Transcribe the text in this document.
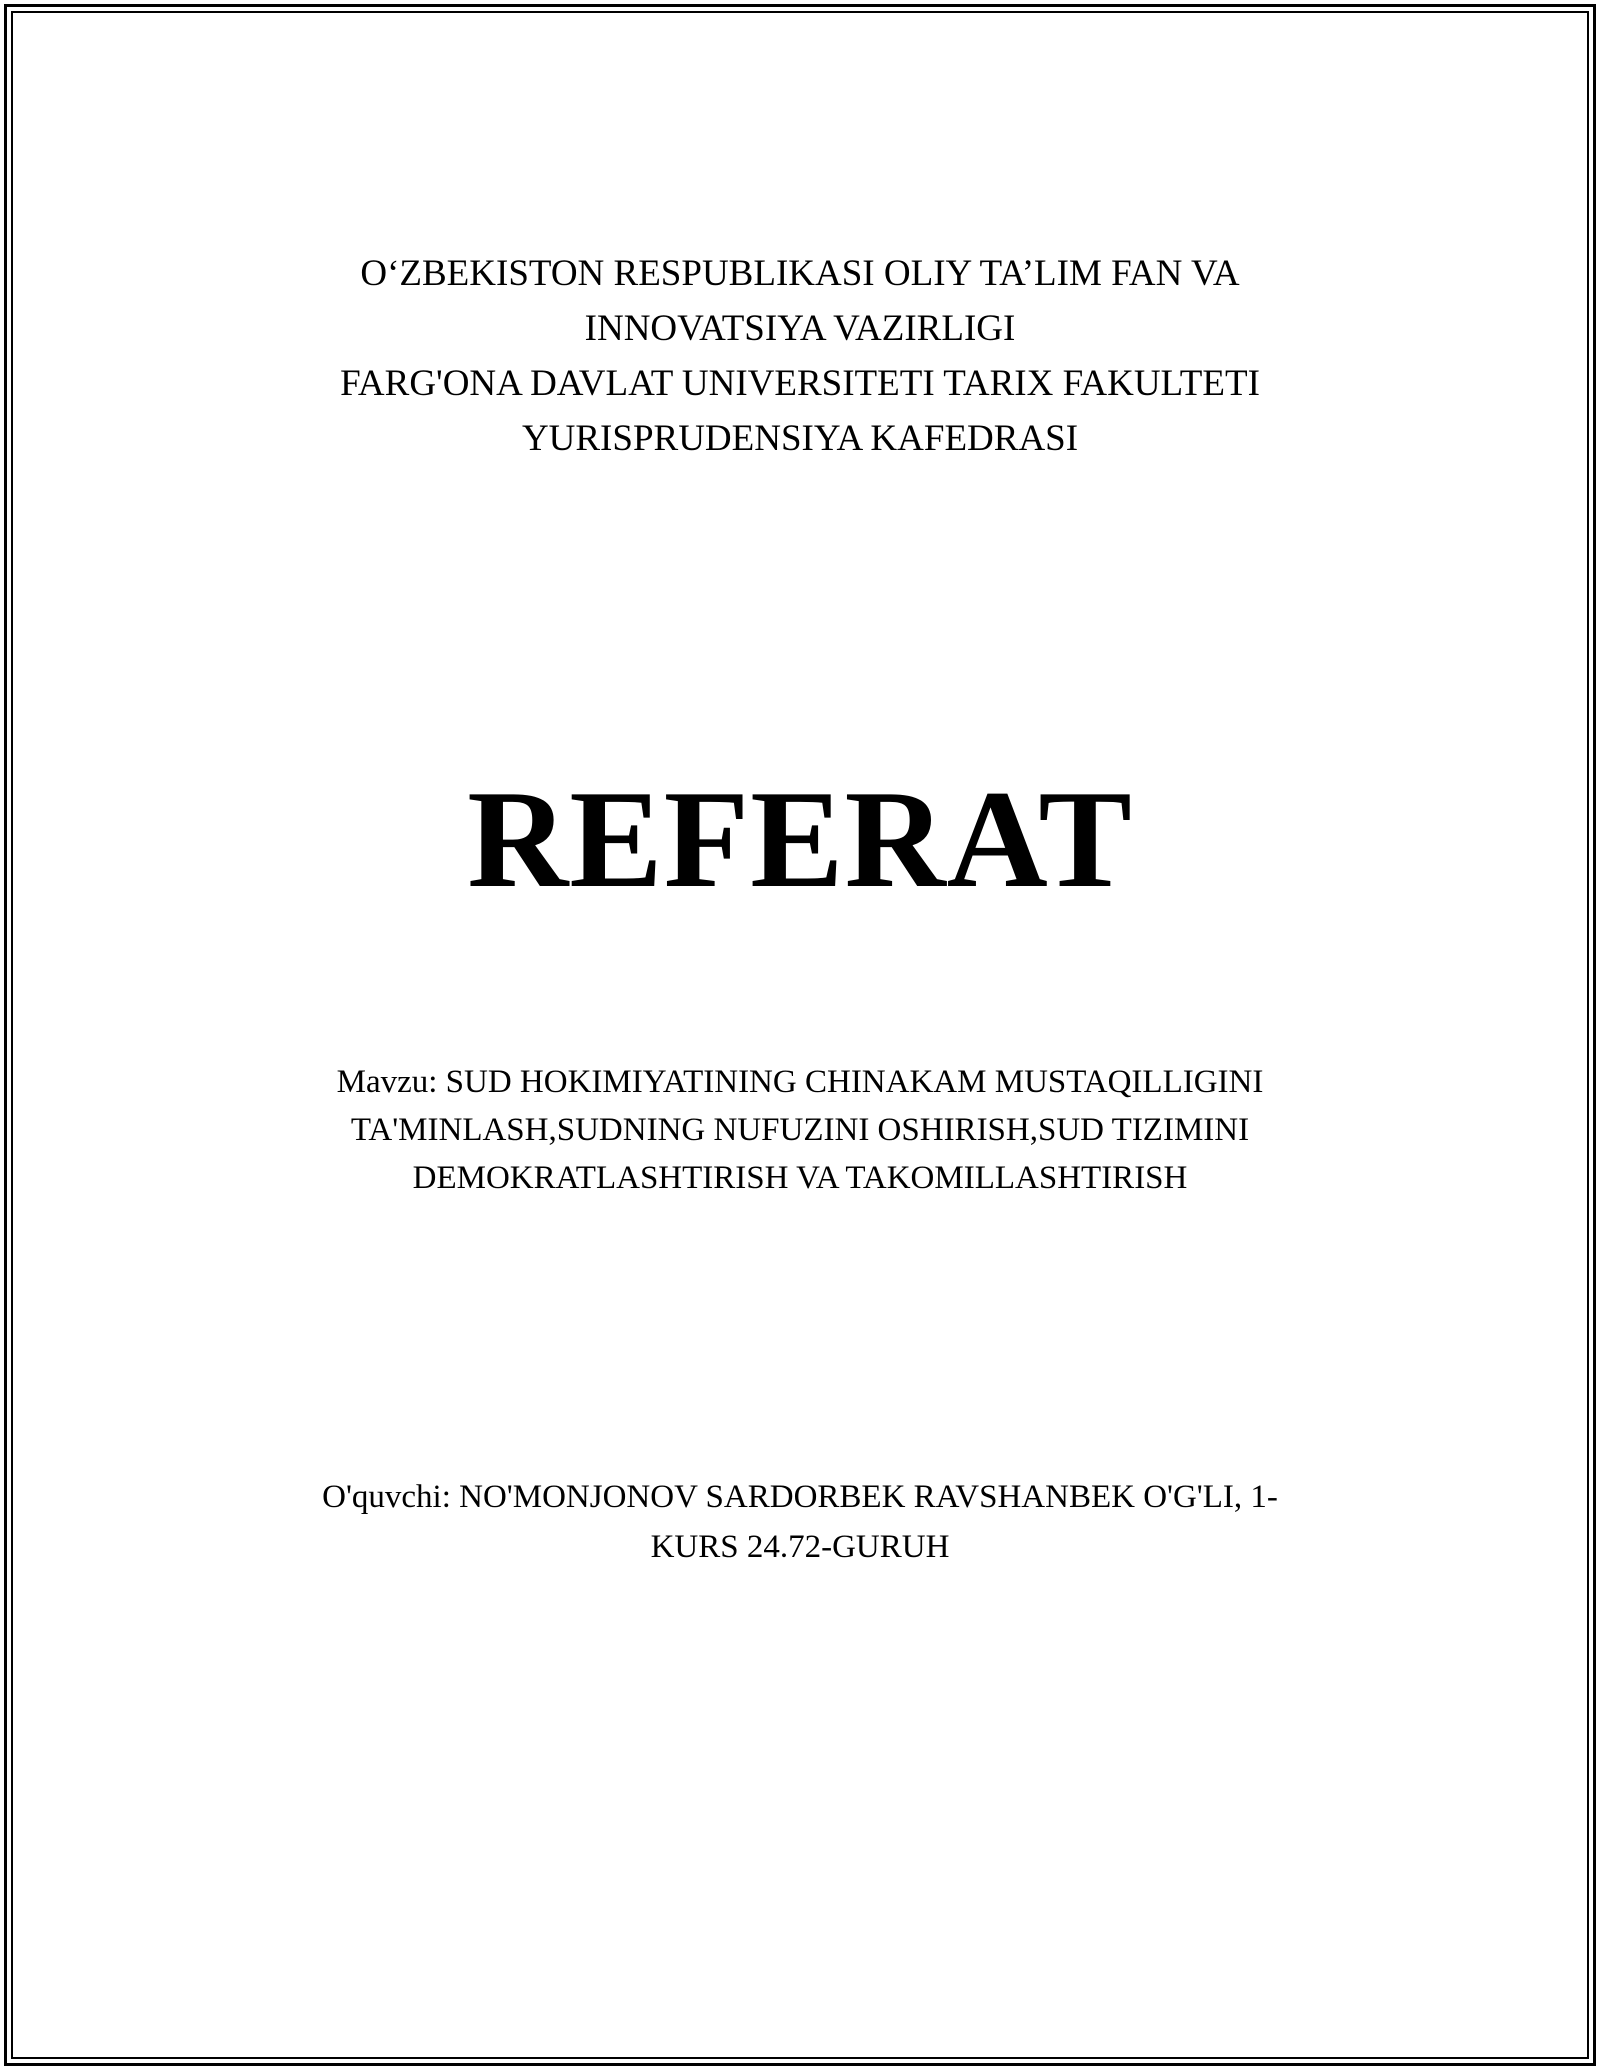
O‘ZBEKISTON RESPUBLIKASI OLIY TA’LIM FAN VA
INNOVATSIYA VAZIRLIGI
FARG'ONA DAVLAT UNIVERSITETI TARIX FAKULTETI
YURISPRUDENSIYA KAFEDRASI
REFERAT
Mavzu: SUD HOKIMIYATINING CHINAKAM MUSTAQILLIGINI
TA'MINLASH,SUDNING NUFUZINI OSHIRISH,SUD TIZIMINI
DEMOKRATLASHTIRISH VA TAKOMILLASHTIRISH
O'quvchi: NO'MONJONOV SARDORBEK RAVSHANBEK O'G'LI, 1-
KURS 24.72-GURUH
